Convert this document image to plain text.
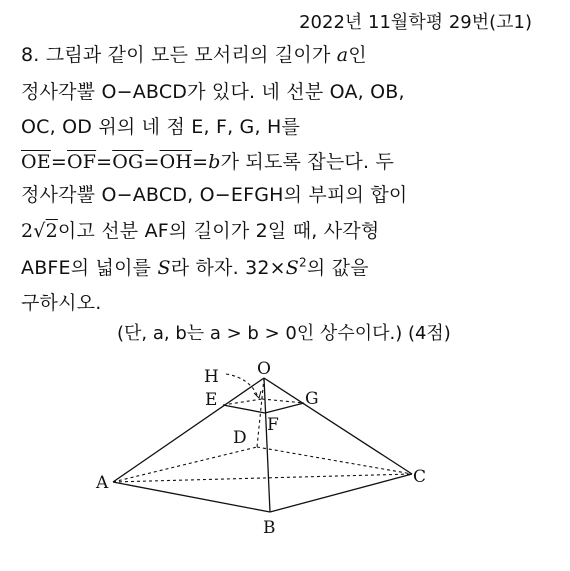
2022년 11월학평 29번(고1)
8. 그림과 같이 모든 모서리의 길이가 a인
정사각뿔 O−ABCD가 있다. 네 선분 OA, OB,
OC, OD 위의 네 점 E, F, G, H를
$\overline{OE}=\overline{OF}=\overline{OG}=\overline{OH}=b$가 되도록 잡는다. 두
정사각뿔 O−ABCD, O−EFGH의 부피의 합이
2√2이고 선분 AF의 길이가 2일 때, 사각형
ABFE의 넓이를 S라 하자. $32\times S^2$의 값을
구하시오.
(단, a, b는 a > b > 0인 상수이다.) (4점)
O
H
E	G
F
D
A
B
C
